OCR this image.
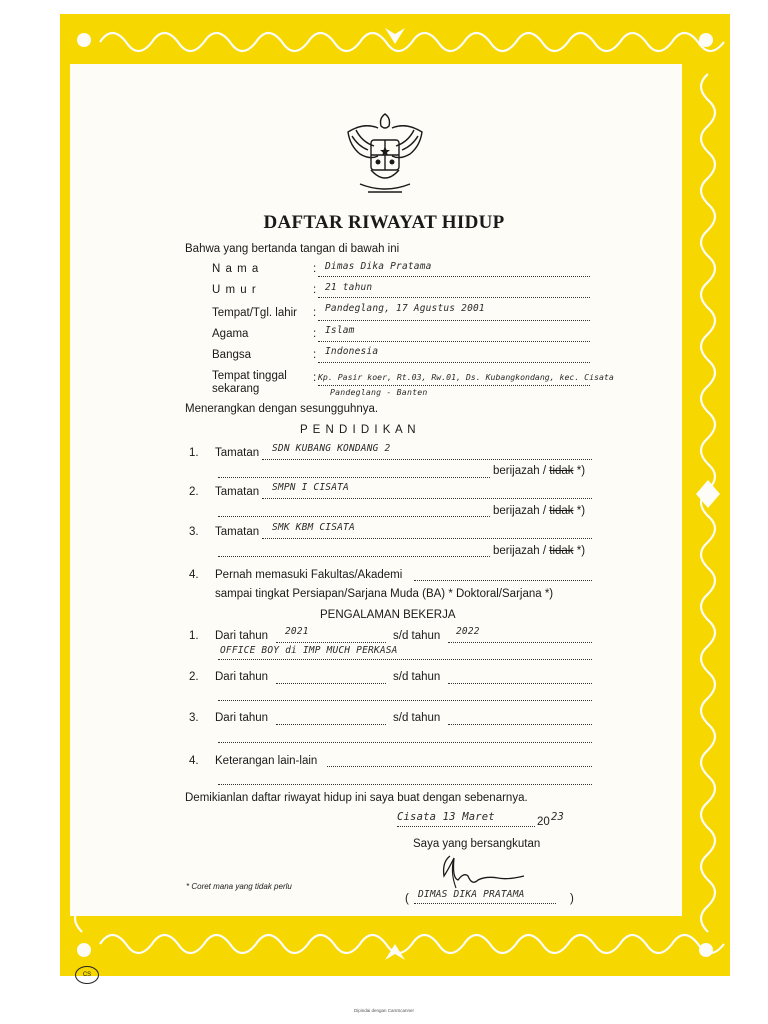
DAFTAR RIWAYAT HIDUP
Bahwa yang bertanda tangan di bawah ini
N a m a	: Dimas Dika Pratama
U m u r	: 21 tahun
Tempat/Tgl. lahir : Pandeglang, 17 Agustus 2001
Agama	: Islam
Bangsa	: Indonesia
Tempat tinggal sekarang
: Kp. Pasir koer, Rt.03, Rw.01, Ds. Kubangkondang, kec. Cisata
Pandeglang - Banten
Menerangkan dengan sesungguhnya.
P E N D I D I K A N
1. Tamatan SDN KUBANG KONDANG 2
berijazah / tidak *)
2. Tamatan SMPN I CISATA
berijazah / tidak *)
3. Tamatan SMK KBM CISATA
berijazah / tidak *)
4. Pernah memasuki Fakultas/Akademi
sampai tingkat Persiapan/Sarjana Muda (BA) * Doktoral/Sarjana *)
PENGALAMAN BEKERJA
1. Dari tahun 2021	s/d tahun 2022
OFFICE BOY di IMP MUCH PERKASA
2. Dari tahun	s/d tahun
3. Dari tahun	s/d tahun
4. Keterangan lain-lain
Demikianlan daftar riwayat hidup ini saya buat dengan sebenarnya.
Cisata 13 Maret	20 23
Saya yang bersangkutan
( DIMAS DIKA PRATAMA	)
* Coret mana yang tidak perlu
CS
Dipindai dengan CamScanner
